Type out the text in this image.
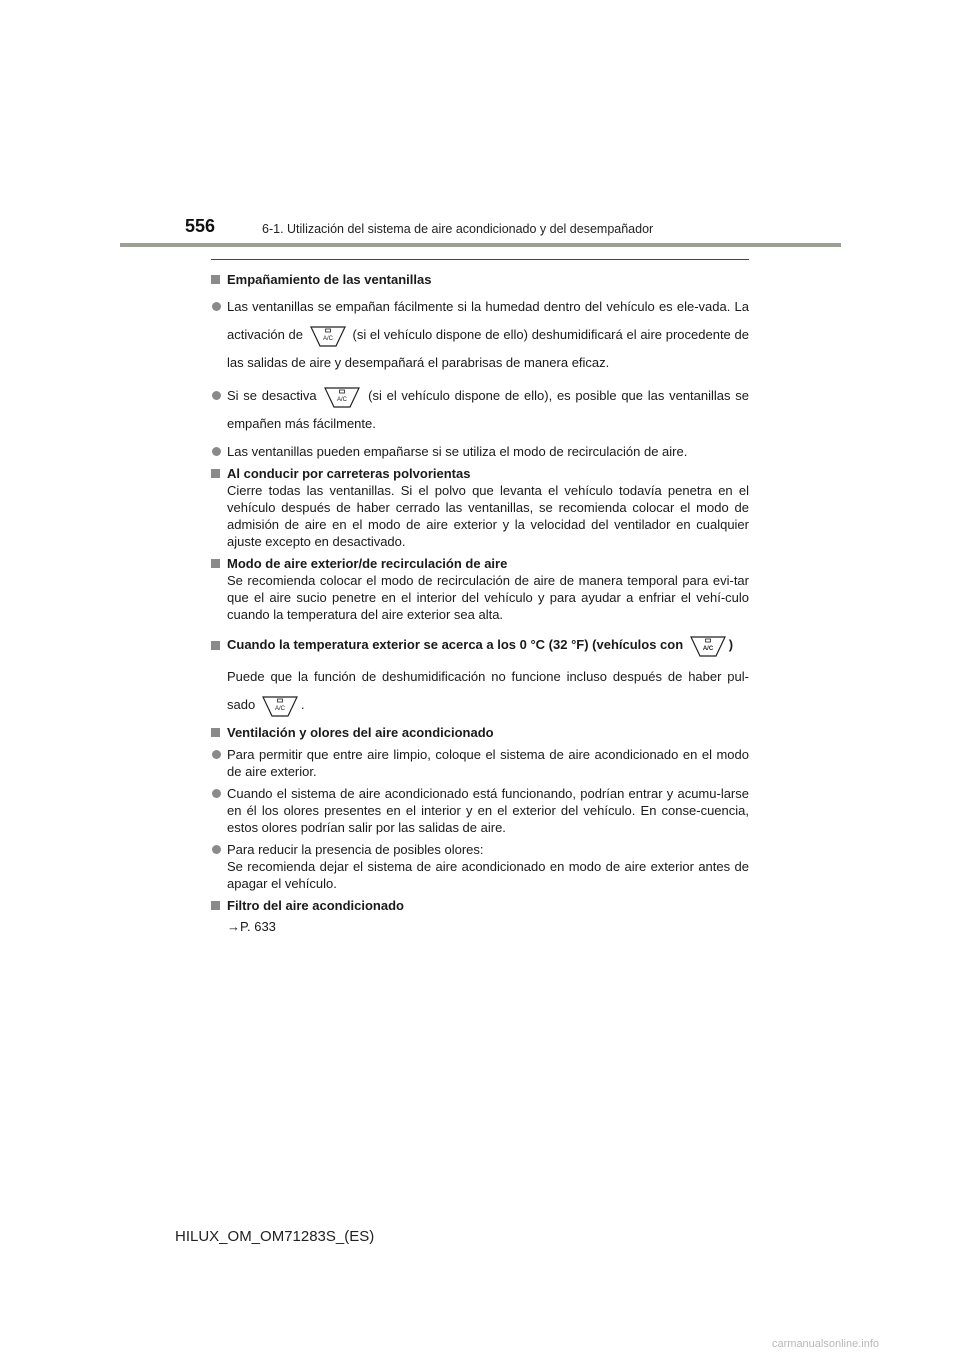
556	6-1. Utilización del sistema de aire acondicionado y del desempañador
Empañamiento de las ventanillas
Las ventanillas se empañan fácilmente si la humedad dentro del vehículo es ele-vada. La activación de	A/C (si el vehículo dispone de ello) deshumidificará el aire procedente de las salidas de aire y desempañará el parabrisas de manera eficaz.
Si se desactiva	A/C (si el vehículo dispone de ello), es posible que las ventanillas se empañen más fácilmente.
Las ventanillas pueden empañarse si se utiliza el modo de recirculación de aire.
Al conducir por carreteras polvorientas
Cierre todas las ventanillas. Si el polvo que levanta el vehículo todavía penetra en el vehículo después de haber cerrado las ventanillas, se recomienda colocar el modo de admisión de aire en el modo de aire exterior y la velocidad del ventilador en cualquier ajuste excepto en desactivado.
Modo de aire exterior/de recirculación de aire
Se recomienda colocar el modo de recirculación de aire de manera temporal para evi-tar que el aire sucio penetre en el interior del vehículo y para ayudar a enfriar el vehí-culo cuando la temperatura del aire exterior sea alta.
Cuando la temperatura exterior se acerca a los 0 °C (32 °F) (vehículos con	A/C )
Puede que la función de deshumidificación no funcione incluso después de haber pul-sado	A/C .
Ventilación y olores del aire acondicionado
Para permitir que entre aire limpio, coloque el sistema de aire acondicionado en el modo de aire exterior.
Cuando el sistema de aire acondicionado está funcionando, podrían entrar y acumu-larse en él los olores presentes en el interior y en el exterior del vehículo. En conse-cuencia, estos olores podrían salir por las salidas de aire.
Para reducir la presencia de posibles olores:
Se recomienda dejar el sistema de aire acondicionado en modo de aire exterior antes de apagar el vehículo.
Filtro del aire acondicionado
→P. 633
HILUX_OM_OM71283S_(ES)
carmanualsonline.info
